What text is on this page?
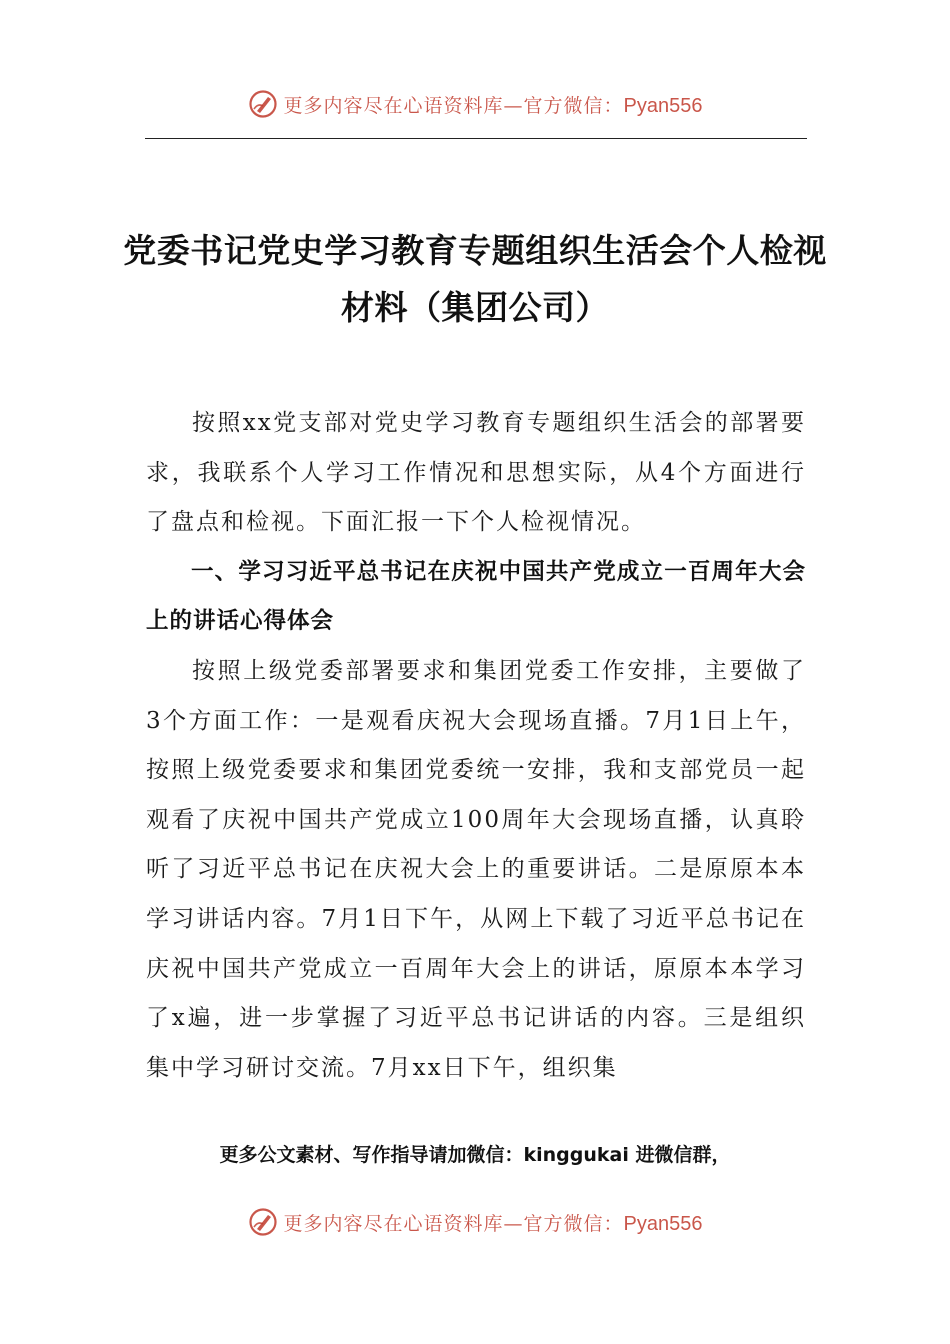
更多内容尽在心语资料库—官方微信：Pyan556
党委书记党史学习教育专题组织生活会个人检视材料（集团公司）

按照xx党支部对党史学习教育专题组织生活会的部署要求，我联系个人学习工作情况和思想实际，从4个方面进行了盘点和检视。下面汇报一下个人检视情况。

一、学习习近平总书记在庆祝中国共产党成立一百周年大会上的讲话心得体会

按照上级党委部署要求和集团党委工作安排，主要做了3个方面工作：一是观看庆祝大会现场直播。7月1日上午，按照上级党委要求和集团党委统一安排，我和支部党员一起观看了庆祝中国共产党成立100周年大会现场直播，认真聆听了习近平总书记在庆祝大会上的重要讲话。二是原原本本学习讲话内容。7月1日下午，从网上下载了习近平总书记在庆祝中国共产党成立一百周年大会上的讲话，原原本本学习了x遍，进一步掌握了习近平总书记讲话的内容。三是组织集中学习研讨交流。7月xx日下午，组织集

更多公文素材、写作指导请加微信：kinggukai 进微信群，

更多内容尽在心语资料库—官方微信：Pyan556
